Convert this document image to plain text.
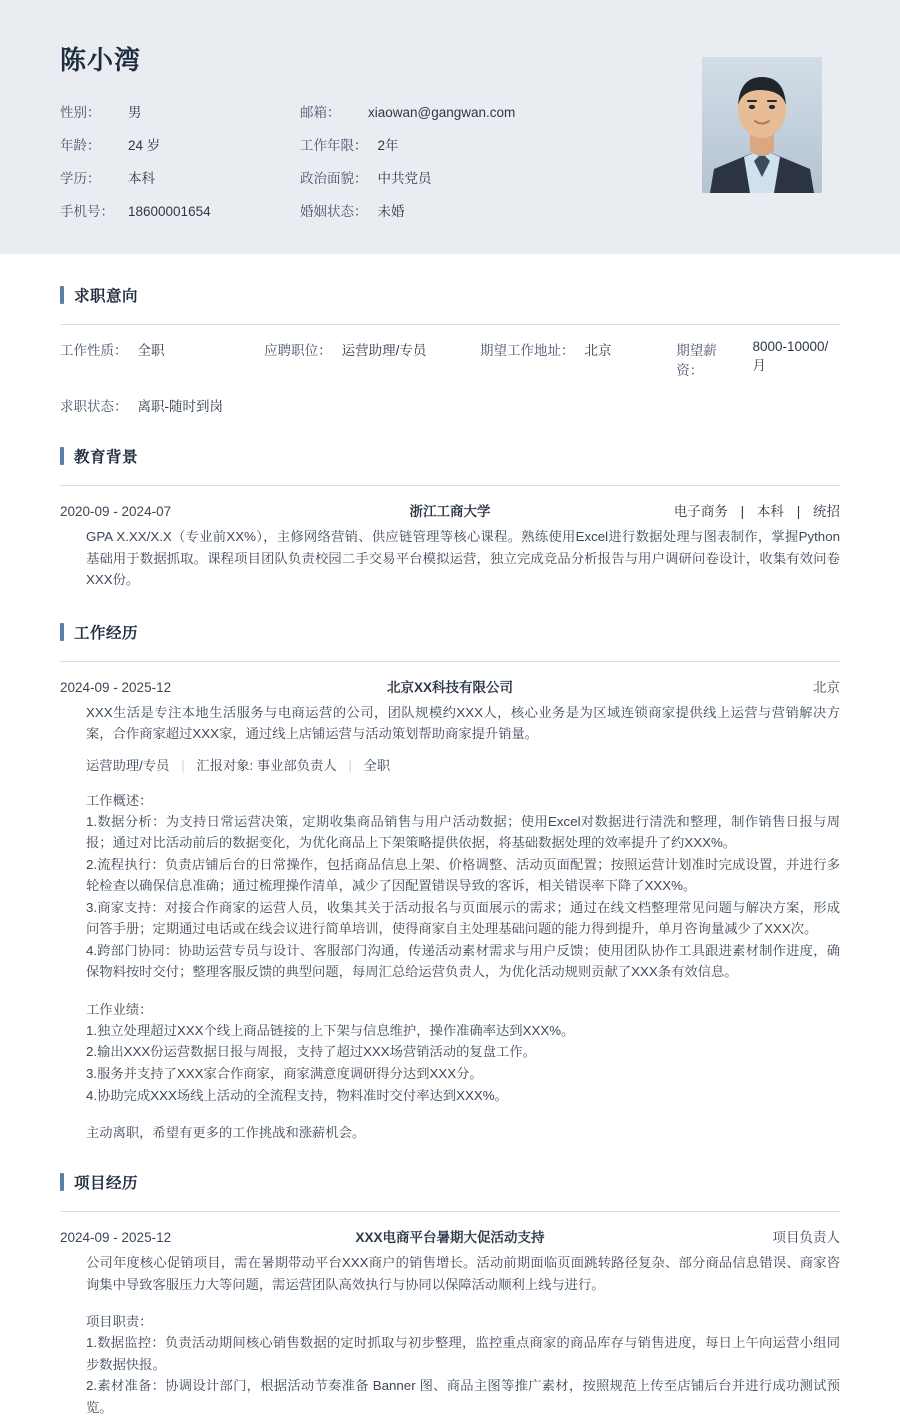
陈小湾
性别：	男	邮箱：	xiaowan@gangwan.com
年龄：	24 岁	工作年限： 2年
学历：	本科	政治面貌： 中共党员
手机号： 18600001654	婚姻状态： 未婚
求职意向
工作性质： 全职	应聘职位： 运营助理/专员	期望工作地址： 北京	期望薪资：
8000-10000/月
求职状态： 离职-随时到岗
教育背景
2020-09 - 2024-07	浙江工商大学	电子商务 | 本科 | 统招

GPA X.XX/X.X（专业前XX%），主修网络营销、供应链管理等核心课程。熟练使用Excel进行数据处理与图表制作，掌握Python基础用于数据抓取。课程项目团队负责校园二手交易平台模拟运营，独立完成竞品分析报告与用户调研问卷设计，收集有效问卷XXX份。

工作经历
2024-09 - 2025-12	北京XX科技有限公司	北京

XXX生活是专注本地生活服务与电商运营的公司，团队规模约XXX人，核心业务是为区域连锁商家提供线上运营与营销解决方案，合作商家超过XXX家，通过线上店铺运营与活动策划帮助商家提升销量。

运营助理/专员 | 汇报对象: 事业部负责人 | 全职
工作概述：

1.数据分析：为支持日常运营决策，定期收集商品销售与用户活动数据；使用Excel对数据进行清洗和整理，制作销售日报与周报；通过对比活动前后的数据变化，为优化商品上下架策略提供依据，将基础数据处理的效率提升了约XXX%。

2.流程执行：负责店铺后台的日常操作，包括商品信息上架、价格调整、活动页面配置；按照运营计划准时完成设置，并进行多轮检查以确保信息准确；通过梳理操作清单，减少了因配置错误导致的客诉，相关错误率下降了XXX%。

3.商家支持：对接合作商家的运营人员，收集其关于活动报名与页面展示的需求；通过在线文档整理常见问题与解决方案，形成问答手册；定期通过电话或在线会议进行简单培训，使得商家自主处理基础问题的能力得到提升，单月咨询量减少了XXX次。

4.跨部门协同：协助运营专员与设计、客服部门沟通，传递活动素材需求与用户反馈；使用团队协作工具跟进素材制作进度，确保物料按时交付；整理客服反馈的典型问题，每周汇总给运营负责人，为优化活动规则贡献了XXX条有效信息。

工作业绩：

1.独立处理超过XXX个线上商品链接的上下架与信息维护，操作准确率达到XXX%。

2.输出XXX份运营数据日报与周报，支持了超过XXX场营销活动的复盘工作。

3.服务并支持了XXX家合作商家，商家满意度调研得分达到XXX分。

4.协助完成XXX场线上活动的全流程支持，物料准时交付率达到XXX%。

主动离职，希望有更多的工作挑战和涨薪机会。
项目经历
2024-09 - 2025-12	XXX电商平台暑期大促活动支持	项目负责人

公司年度核心促销项目，需在暑期带动平台XXX商户的销售增长。活动前期面临页面跳转路径复杂、部分商品信息错误、商家咨询集中导致客服压力大等问题，需运营团队高效执行与协同以保障活动顺利上线与进行。

项目职责：

1.数据监控：负责活动期间核心销售数据的定时抓取与初步整理，监控重点商家的商品库存与销售进度，每日上午向运营小组同步数据快报。

2.素材准备：协调设计部门，根据活动节奏准备 Banner 图、商品主图等推广素材，按照规范上传至店铺后台并进行成功测试预览。
